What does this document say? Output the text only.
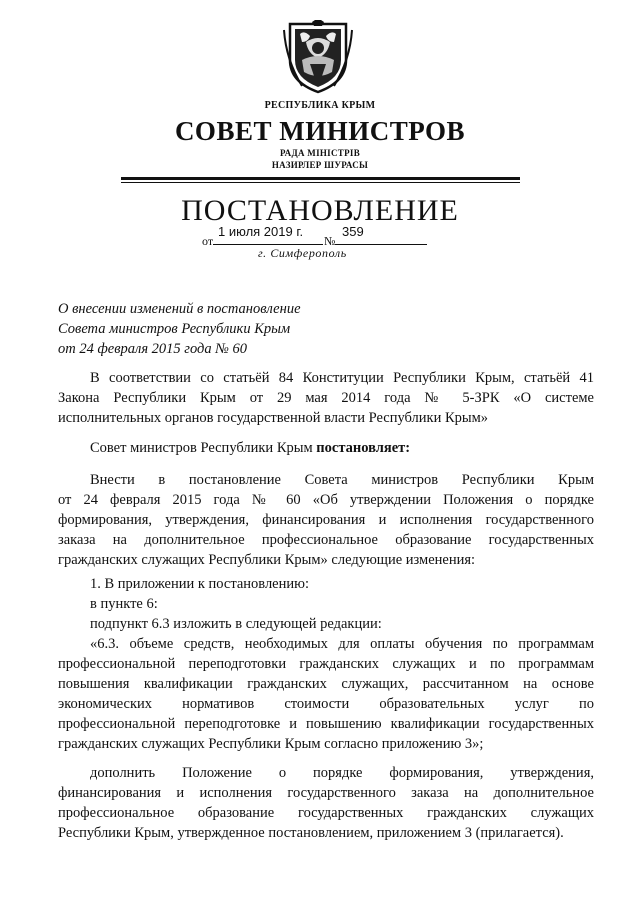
РЕСПУБЛИКА КРЫМ
СОВЕТ МИНИСТРОВ
РАДА МІНІСТРІВ
НАЗИРЛЕР ШУРАСЫ
ПОСТАНОВЛЕНИЕ
от
1 июля 2019 г.
№
359
г. Симферополь
О внесении изменений в постановление
Совета министров Республики Крым
от 24 февраля 2015 года № 60
В соответствии со статьёй 84 Конституции Республики Крым, статьёй 41
Закона Республики Крым от 29 мая 2014 года № 5-ЗРК «О системе
исполнительных органов государственной власти Республики Крым»
Совет министров Республики Крым постановляет:
Внести в постановление Совета министров Республики Крым
от 24 февраля 2015 года № 60 «Об утверждении Положения о порядке
формирования, утверждения, финансирования и исполнения государственного
заказа на дополнительное профессиональное образование государственных
гражданских служащих Республики Крым» следующие изменения:
1. В приложении к постановлению:
в пункте 6:
подпункт 6.3 изложить в следующей редакции:
«6.3. объеме средств, необходимых для оплаты обучения по программам
профессиональной переподготовки гражданских служащих и по программам
повышения квалификации гражданских служащих, рассчитанном на основе
экономических нормативов стоимости образовательных услуг по
профессиональной переподготовке и повышению квалификации государственных
гражданских служащих Республики Крым согласно приложению 3»;
дополнить Положение о порядке формирования, утверждения,
финансирования и исполнения государственного заказа на дополнительное
профессиональное образование государственных гражданских служащих
Республики Крым, утвержденное постановлением, приложением 3 (прилагается).
